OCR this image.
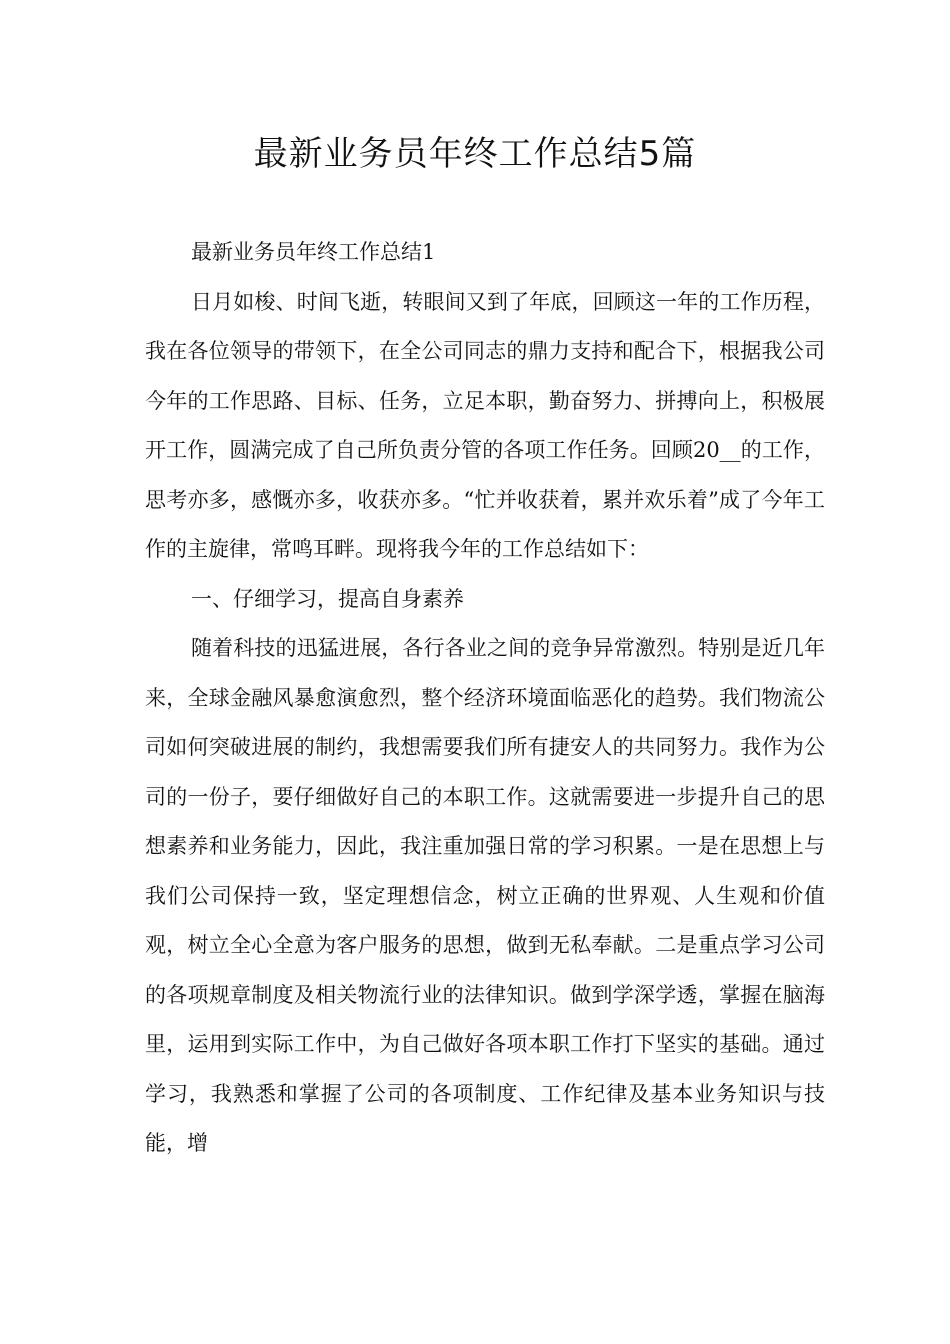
最新业务员年终工作总结5篇

最新业务员年终工作总结1

日月如梭、时间飞逝，转眼间又到了年底，回顾这一年的工作历程，我在各位领导的带领下，在全公司同志的鼎力支持和配合下，根据我公司今年的工作思路、目标、任务，立足本职，勤奋努力、拼搏向上，积极展开工作，圆满完成了自己所负责分管的各项工作任务。回顾20__的工作，思考亦多，感慨亦多，收获亦多。“忙并收获着，累并欢乐着”成了今年工作的主旋律，常鸣耳畔。现将我今年的工作总结如下：

一、仔细学习，提高自身素养

随着科技的迅猛进展，各行各业之间的竞争异常激烈。特别是近几年来，全球金融风暴愈演愈烈，整个经济环境面临恶化的趋势。我们物流公司如何突破进展的制约，我想需要我们所有捷安人的共同努力。我作为公司的一份子，要仔细做好自己的本职工作。这就需要进一步提升自己的思想素养和业务能力，因此，我注重加强日常的学习积累。一是在思想上与我们公司保持一致，坚定理想信念，树立正确的世界观、人生观和价值观，树立全心全意为客户服务的思想，做到无私奉献。二是重点学习公司的各项规章制度及相关物流行业的法律知识。做到学深学透，掌握在脑海里，运用到实际工作中，为自己做好各项本职工作打下坚实的基础。通过学习，我熟悉和掌握了公司的各项制度、工作纪律及基本业务知识与技能，增
